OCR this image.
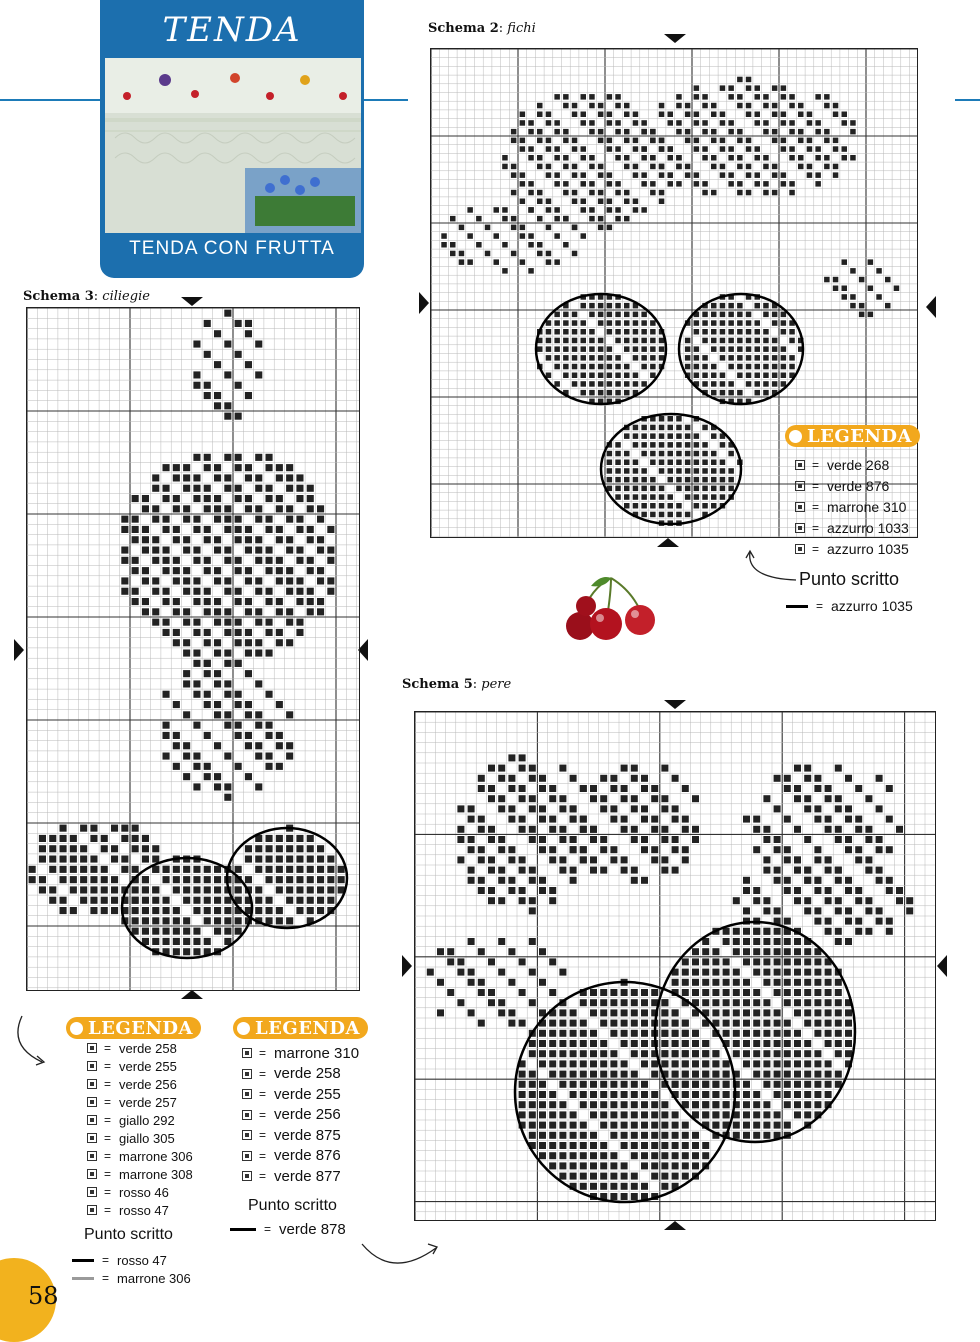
TENDA
TENDA CON FRUTTA
Schema 2: fichi
LEGENDA
= verde 268
= verde 876
= marrone 310
= azzurro 1033
= azzurro 1035
Punto scritto
= azzurro 1035
Schema 3: ciliegie
LEGENDA
= verde 258
= verde 255
= verde 256
= verde 257
= giallo 292
= giallo 305
= marrone 306
= marrone 308
= rosso 46
= rosso 47
Punto scritto
= rosso 47
= marrone 306
LEGENDA
= marrone 310
= verde 258
= verde 255
= verde 256
= verde 875
= verde 876
= verde 877
Punto scritto
= verde 878
Schema 5: pere
58
